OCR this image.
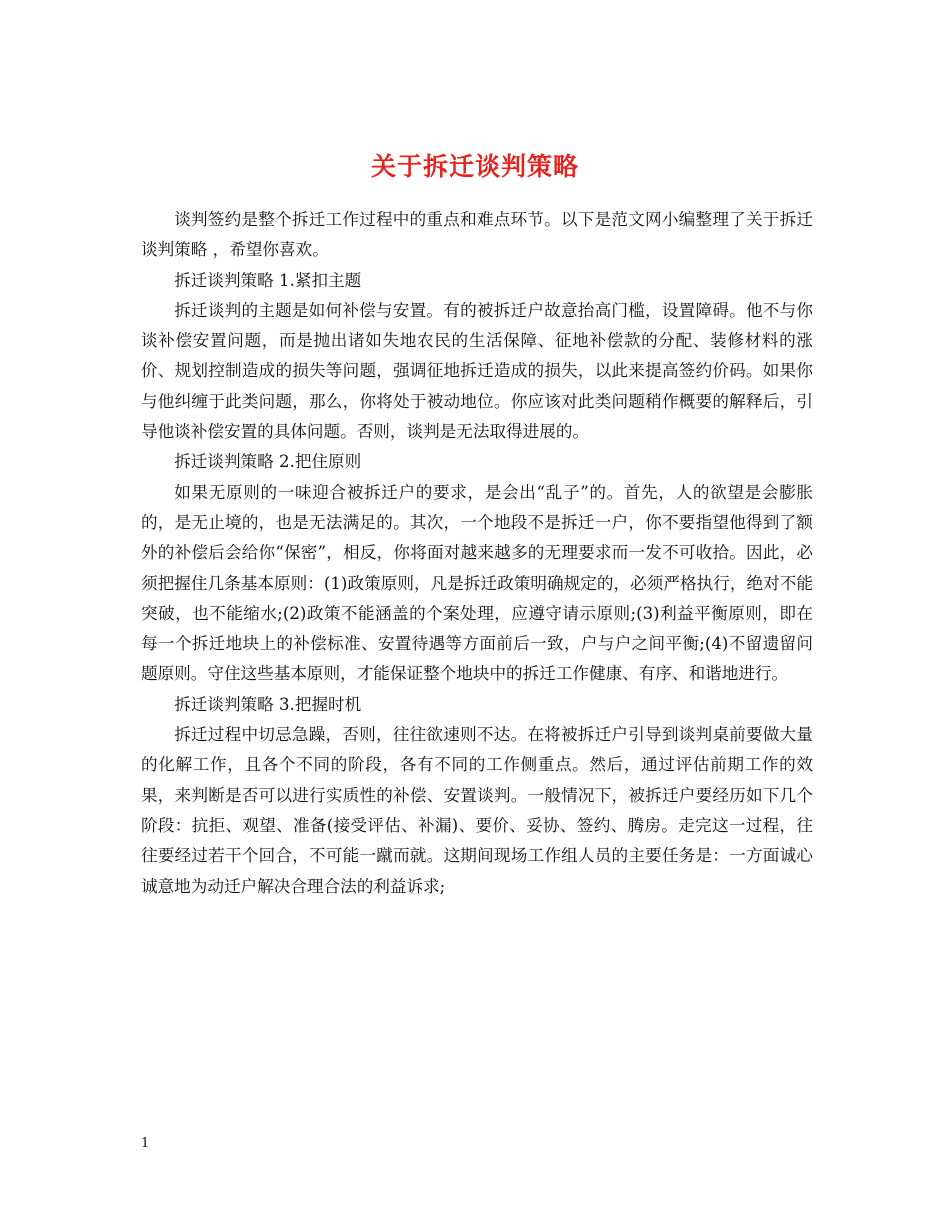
关于拆迁谈判策略

谈判签约是整个拆迁工作过程中的重点和难点环节。以下是范文网小编整理了关于拆迁谈判策略 ，希望你喜欢。

拆迁谈判策略 1.紧扣主题

拆迁谈判的主题是如何补偿与安置。有的被拆迁户故意抬高门槛，设置障碍。他不与你谈补偿安置问题，而是抛出诸如失地农民的生活保障、征地补偿款的分配、装修材料的涨价、规划控制造成的损失等问题，强调征地拆迁造成的损失，以此来提高签约价码。如果你与他纠缠于此类问题，那么，你将处于被动地位。你应该对此类问题稍作概要的解释后，引导他谈补偿安置的具体问题。否则，谈判是无法取得进展的。

拆迁谈判策略 2.把住原则

如果无原则的一味迎合被拆迁户的要求，是会出“乱子”的。首先，人的欲望是会膨胀的，是无止境的，也是无法满足的。其次，一个地段不是拆迁一户，你不要指望他得到了额外的补偿后会给你“保密”，相反，你将面对越来越多的无理要求而一发不可收拾。因此，必须把握住几条基本原则：(1)政策原则，凡是拆迁政策明确规定的，必须严格执行，绝对不能突破，也不能缩水;(2)政策不能涵盖的个案处理，应遵守请示原则;(3)利益平衡原则，即在每一个拆迁地块上的补偿标准、安置待遇等方面前后一致，户与户之间平衡;(4)不留遗留问题原则。守住这些基本原则，才能保证整个地块中的拆迁工作健康、有序、和谐地进行。

拆迁谈判策略 3.把握时机

拆迁过程中切忌急躁，否则，往往欲速则不达。在将被拆迁户引导到谈判桌前要做大量的化解工作，且各个不同的阶段，各有不同的工作侧重点。然后，通过评估前期工作的效果，来判断是否可以进行实质性的补偿、安置谈判。一般情况下，被拆迁户要经历如下几个阶段：抗拒、观望、准备(接受评估、补漏)、要价、妥协、签约、腾房。走完这一过程，往往要经过若干个回合，不可能一蹴而就。这期间现场工作组人员的主要任务是：一方面诚心诚意地为动迁户解决合理合法的利益诉求;

1
